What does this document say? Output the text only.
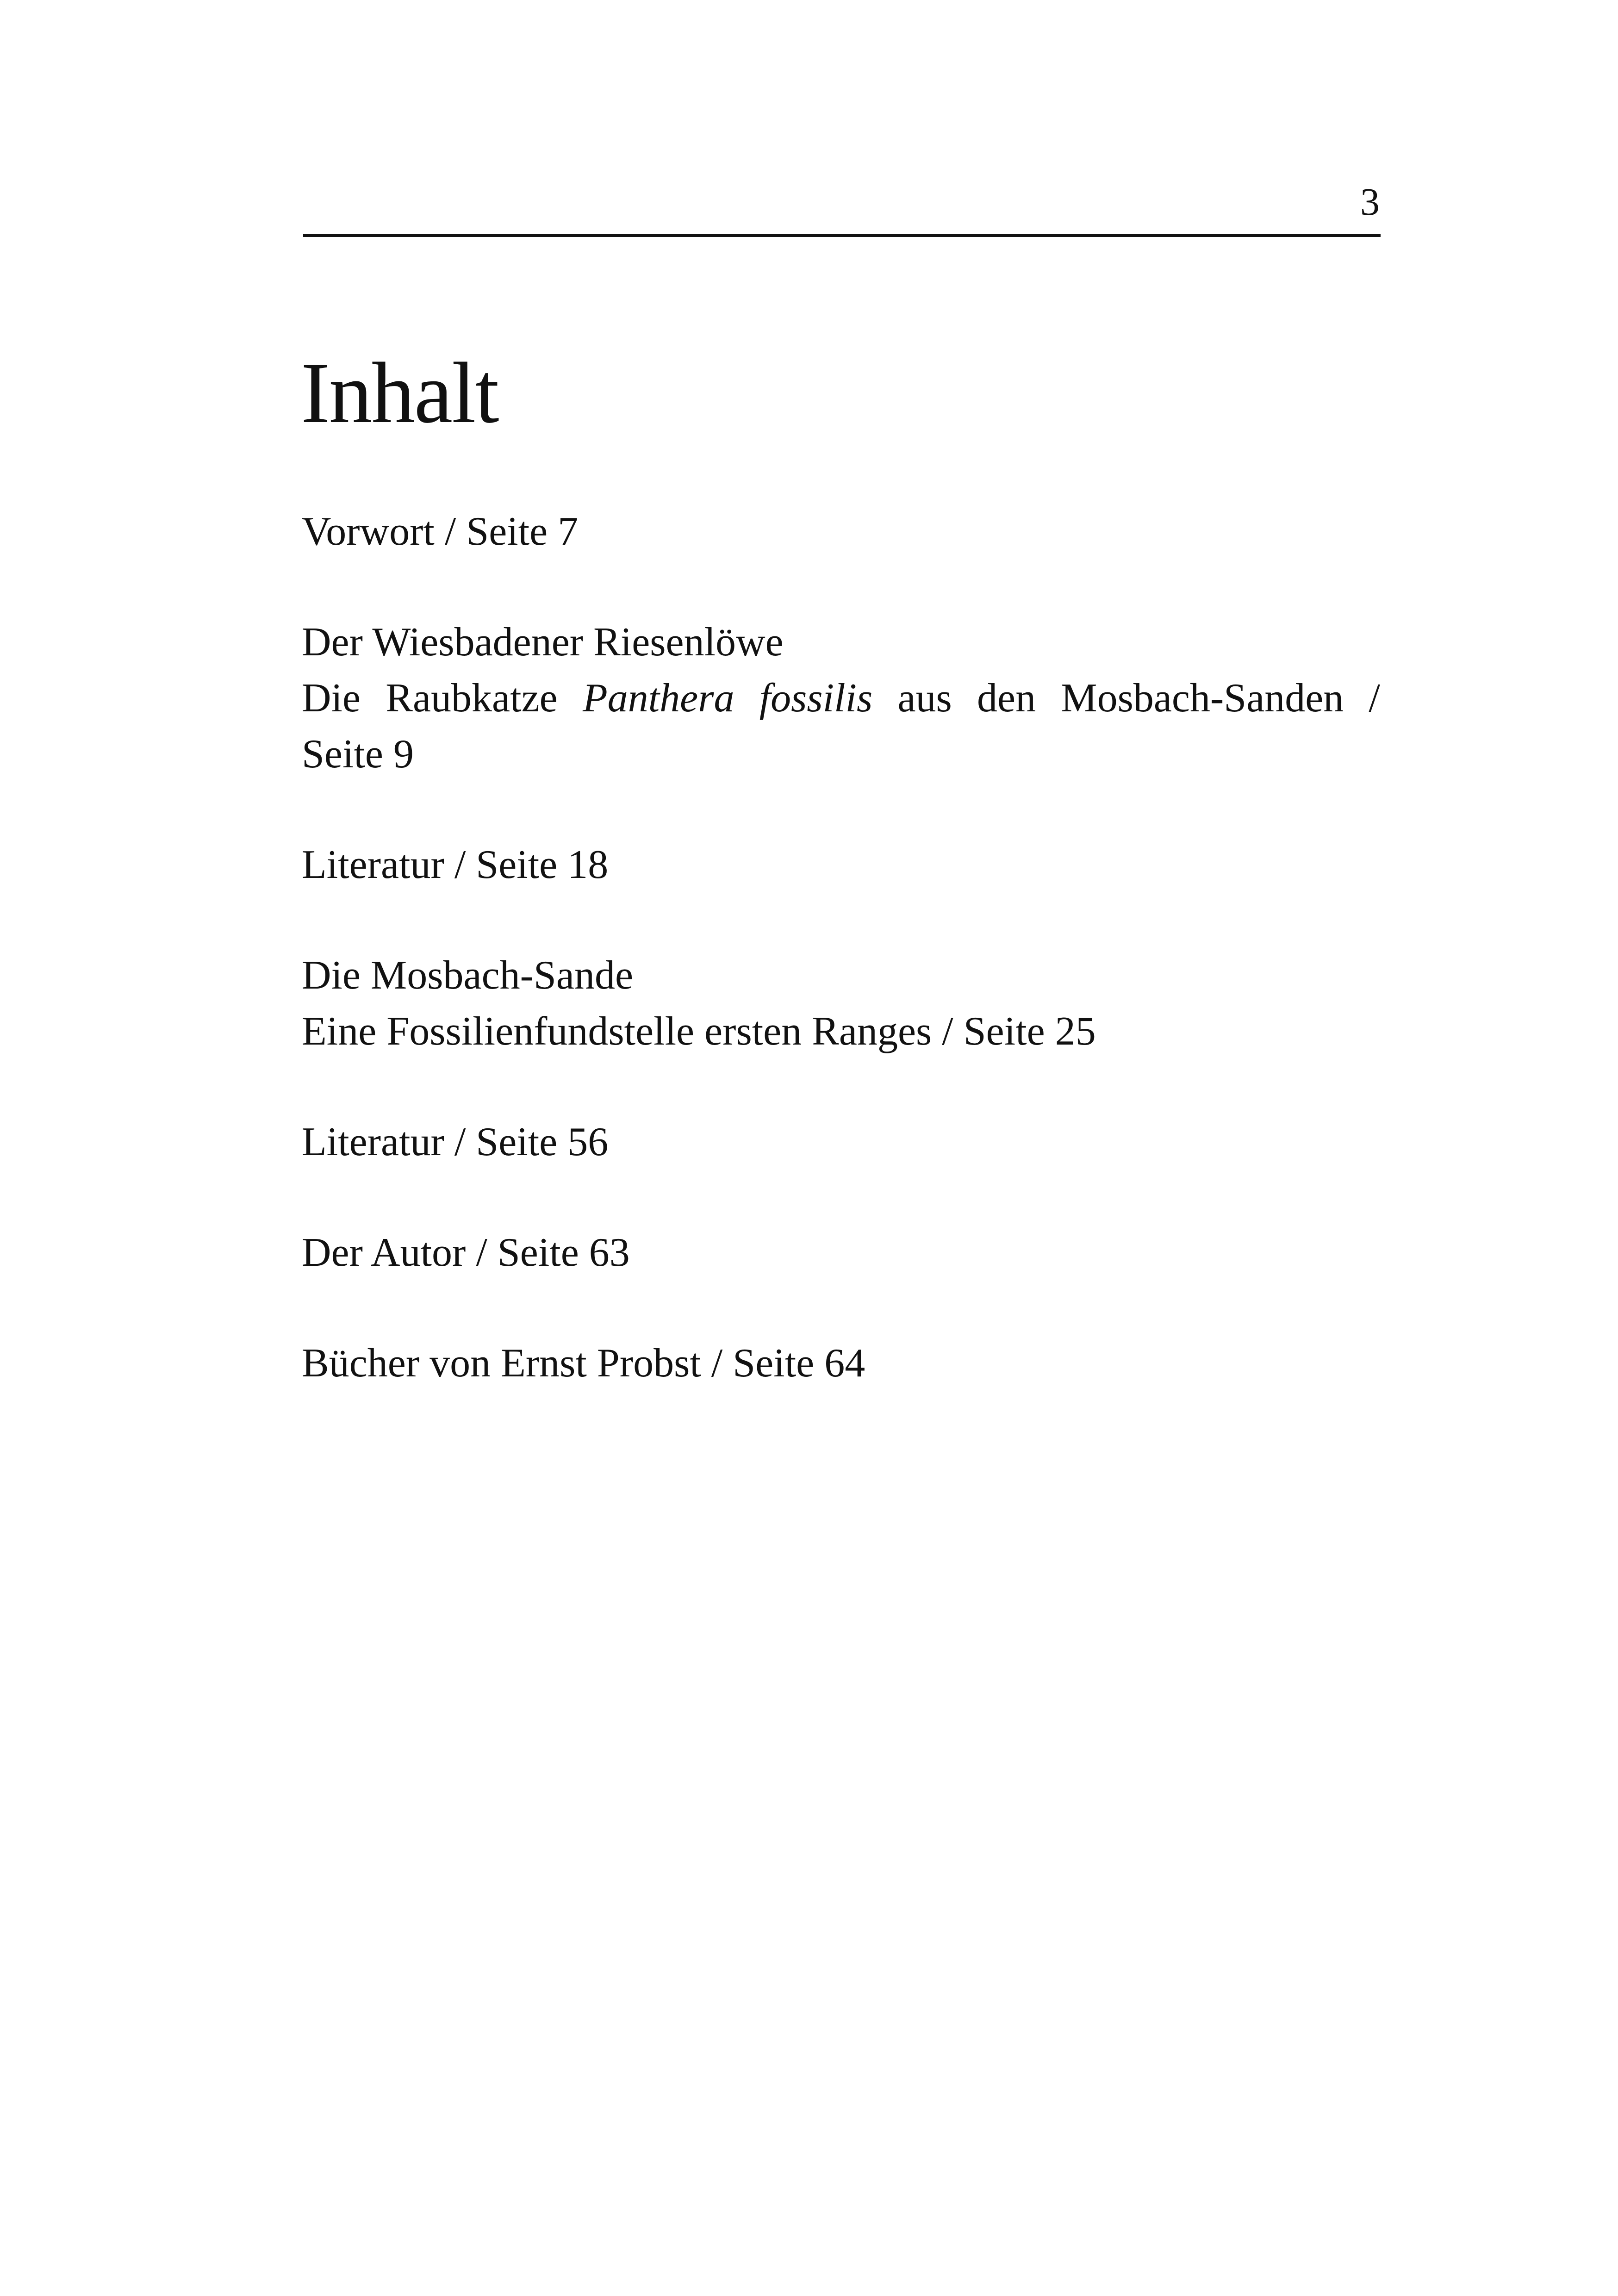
3
Inhalt
Vorwort / Seite 7
Der Wiesbadener Riesenlöwe
Die Raubkatze Panthera fossilis aus den Mosbach-Sanden /
Seite 9
Literatur / Seite 18
Die Mosbach-Sande
Eine Fossilienfundstelle ersten Ranges / Seite 25
Literatur / Seite 56
Der Autor / Seite 63
Bücher von Ernst Probst / Seite 64
